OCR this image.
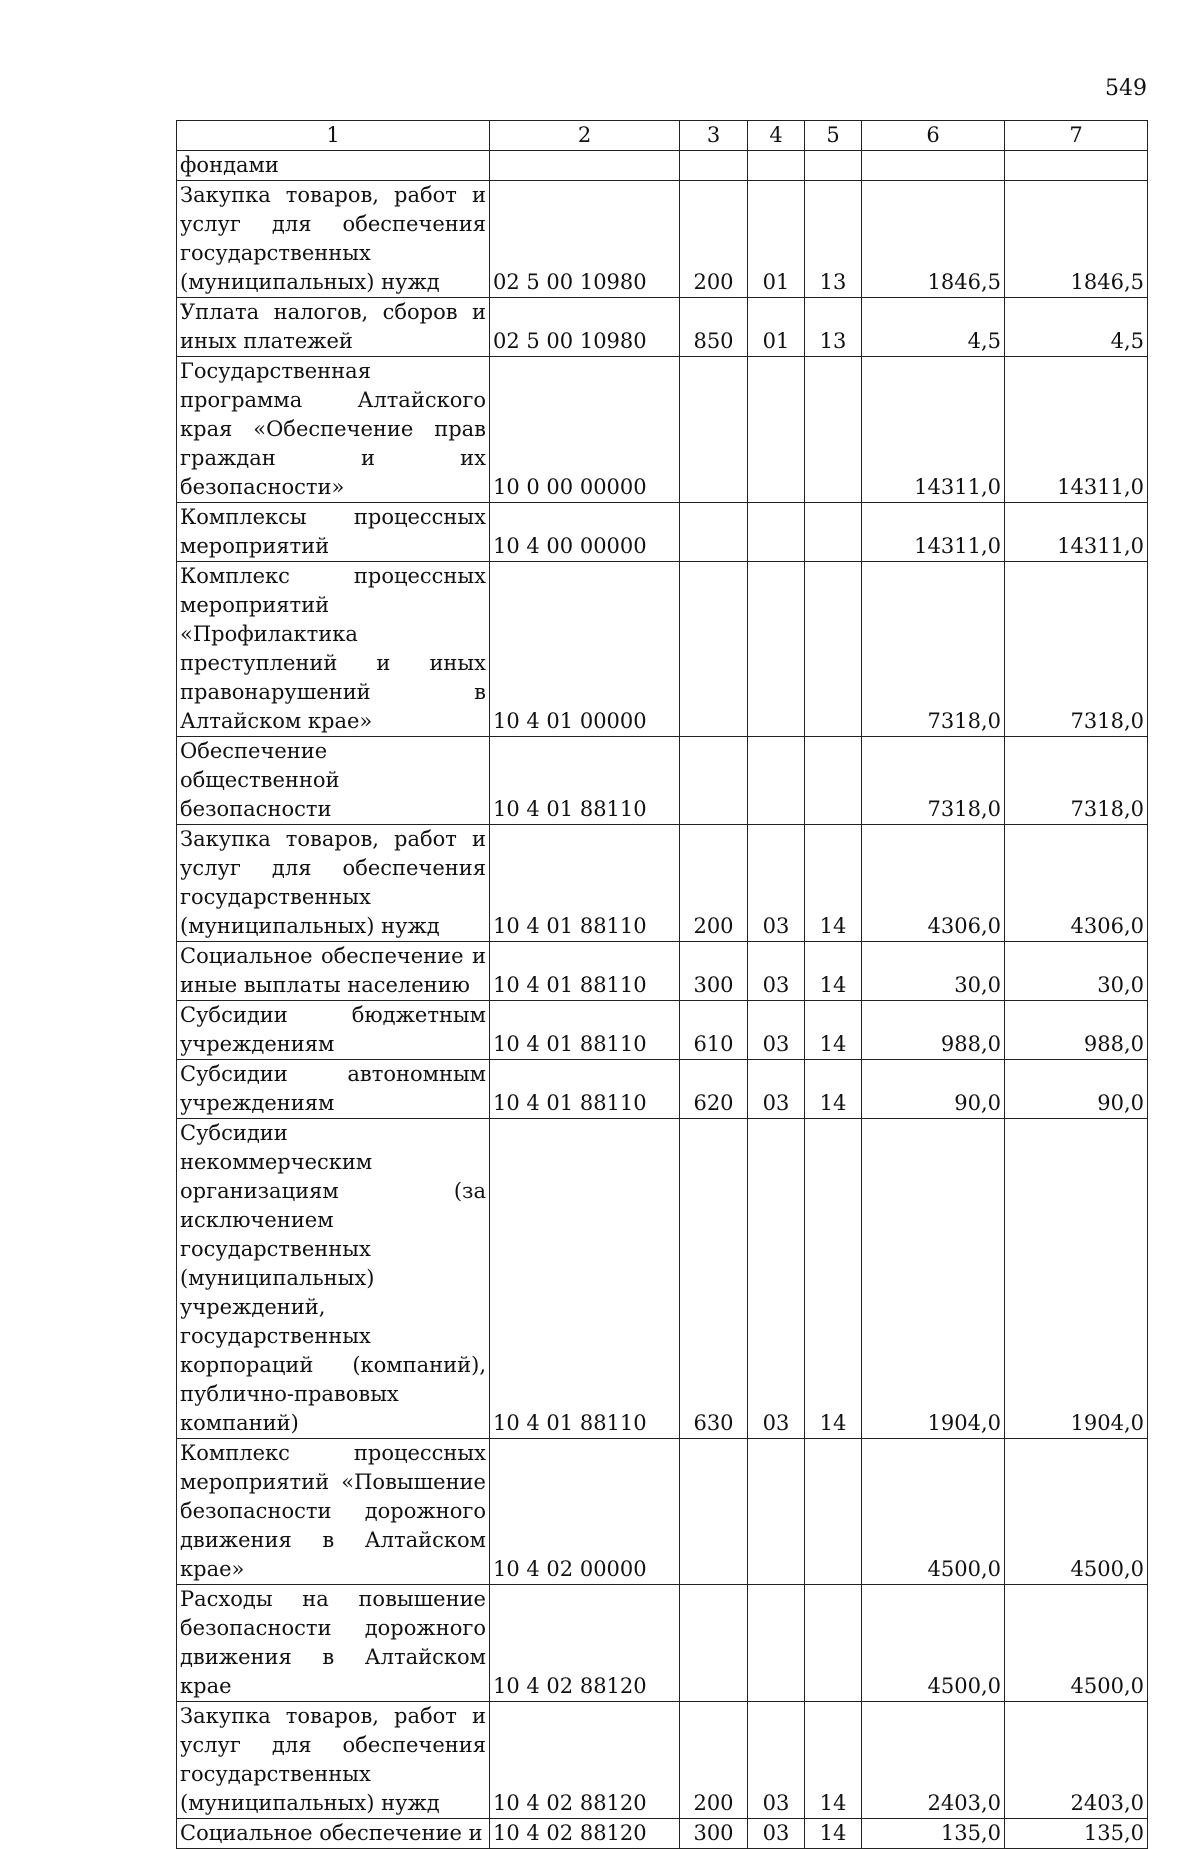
549
1	2	3	4	5	6	7
фондами						
Закупка товаров, работ и услуг для обеспечения государственных (муниципальных) нужд	02 5 00 10980	200	01	13	1846,5	1846,5
Уплата налогов, сборов и иных платежей	02 5 00 10980	850	01	13	4,5	4,5
Государственная программа Алтайского края «Обеспечение прав граждан и их безопасности»	10 0 00 00000				14311,0	14311,0
Комплексы процессных мероприятий	10 4 00 00000				14311,0	14311,0
Комплекс процессных мероприятий «Профилактика преступлений и иных правонарушений в Алтайском крае»	10 4 01 00000				7318,0	7318,0
Обеспечение общественной безопасности	10 4 01 88110				7318,0	7318,0
Закупка товаров, работ и услуг для обеспечения государственных (муниципальных) нужд	10 4 01 88110	200	03	14	4306,0	4306,0
Социальное обеспечение и иные выплаты населению	10 4 01 88110	300	03	14	30,0	30,0
Субсидии бюджетным учреждениям	10 4 01 88110	610	03	14	988,0	988,0
Субсидии автономным учреждениям	10 4 01 88110	620	03	14	90,0	90,0
Субсидии некоммерческим организациям (за исключением государственных (муниципальных) учреждений, государственных корпораций (компаний), публично-правовых компаний)	10 4 01 88110	630	03	14	1904,0	1904,0
Комплекс процессных мероприятий «Повышение безопасности дорожного движения в Алтайском крае»	10 4 02 00000				4500,0	4500,0
Расходы на повышение безопасности дорожного движения в Алтайском крае	10 4 02 88120				4500,0	4500,0
Закупка товаров, работ и услуг для обеспечения государственных (муниципальных) нужд	10 4 02 88120	200	03	14	2403,0	2403,0
Социальное обеспечение и	10 4 02 88120	300	03	14	135,0	135,0
